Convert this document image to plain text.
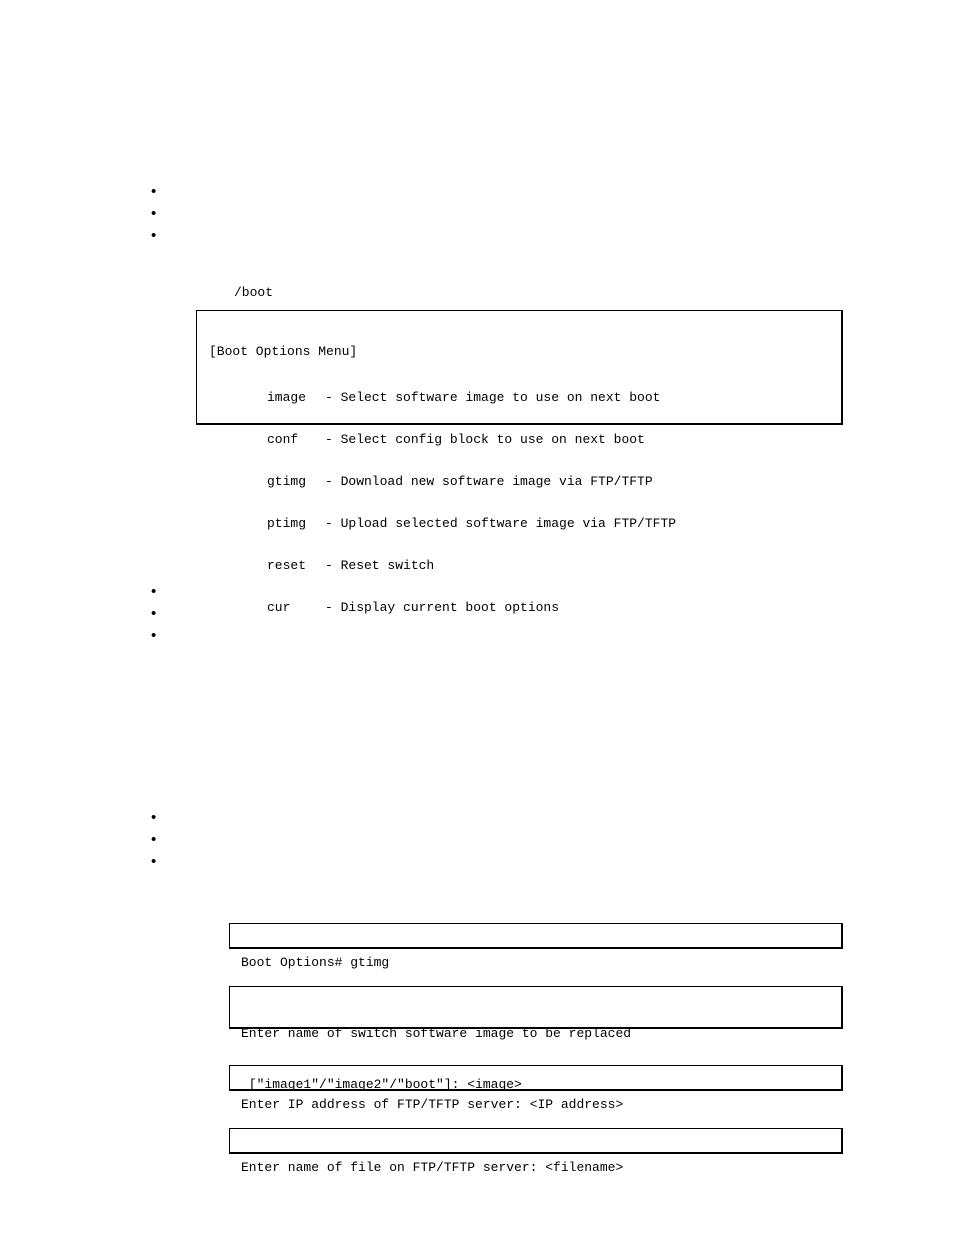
•
•
•
/boot

[Boot Options Menu]

image - Select software image to use on next boot

conf - Select config block to use on next boot

gtimg - Download new software image via FTP/TFTP

ptimg - Upload selected software image via FTP/TFTP

reset - Reset switch

cur	- Display current boot options

•
•
•
•
•
•

Boot Options# gtimg

Enter name of switch software image to be replaced

["image1"/"image2"/"boot"]: <image>

Enter IP address of FTP/TFTP server: <IP address>

Enter name of file on FTP/TFTP server: <filename>
